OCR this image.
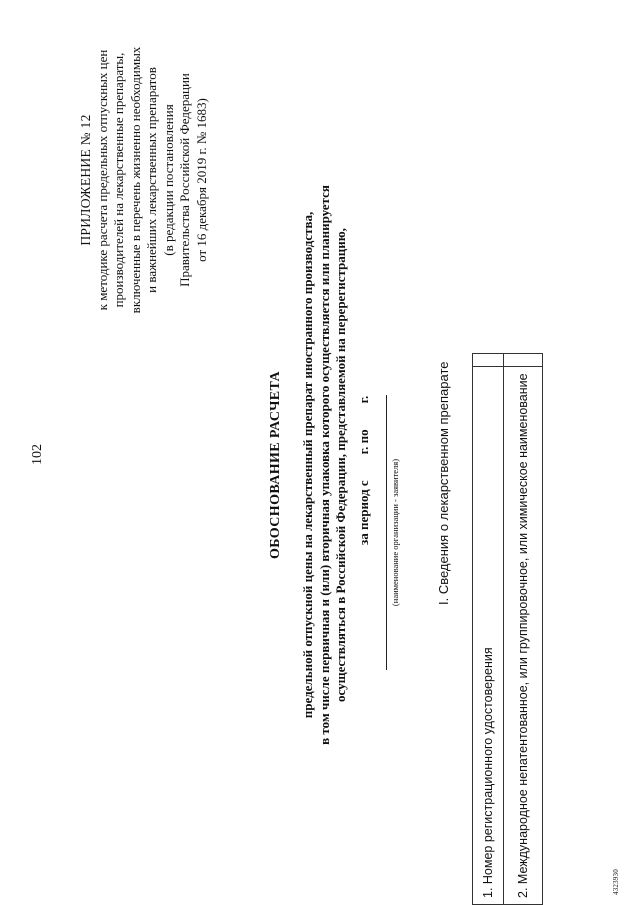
102
ПРИЛОЖЕНИЕ № 12 к методике расчета предельных отпускных цен производителей на лекарственные препараты, включенные в перечень жизненно необходимых и важнейших лекарственных препаратов (в редакции постановления Правительства Российской Федерации от 16 декабря 2019 г. № 1683)
ОБОСНОВАНИЕ РАСЧЕТА предельной отпускной цены на лекарственный препарат иностранного производства, в том числе первичная и (или) вторичная упаковка которого осуществляется или планируется осуществляться в Российской Федерации, представляемой на перерегистрацию, за период с        г. по        г. (наименование организации - заявителя)	I. Сведения о лекарственном препарате
1. Номер регистрационного удостоверения	
2. Международное непатентованное, или группировочное, или химическое наименование		4323930
